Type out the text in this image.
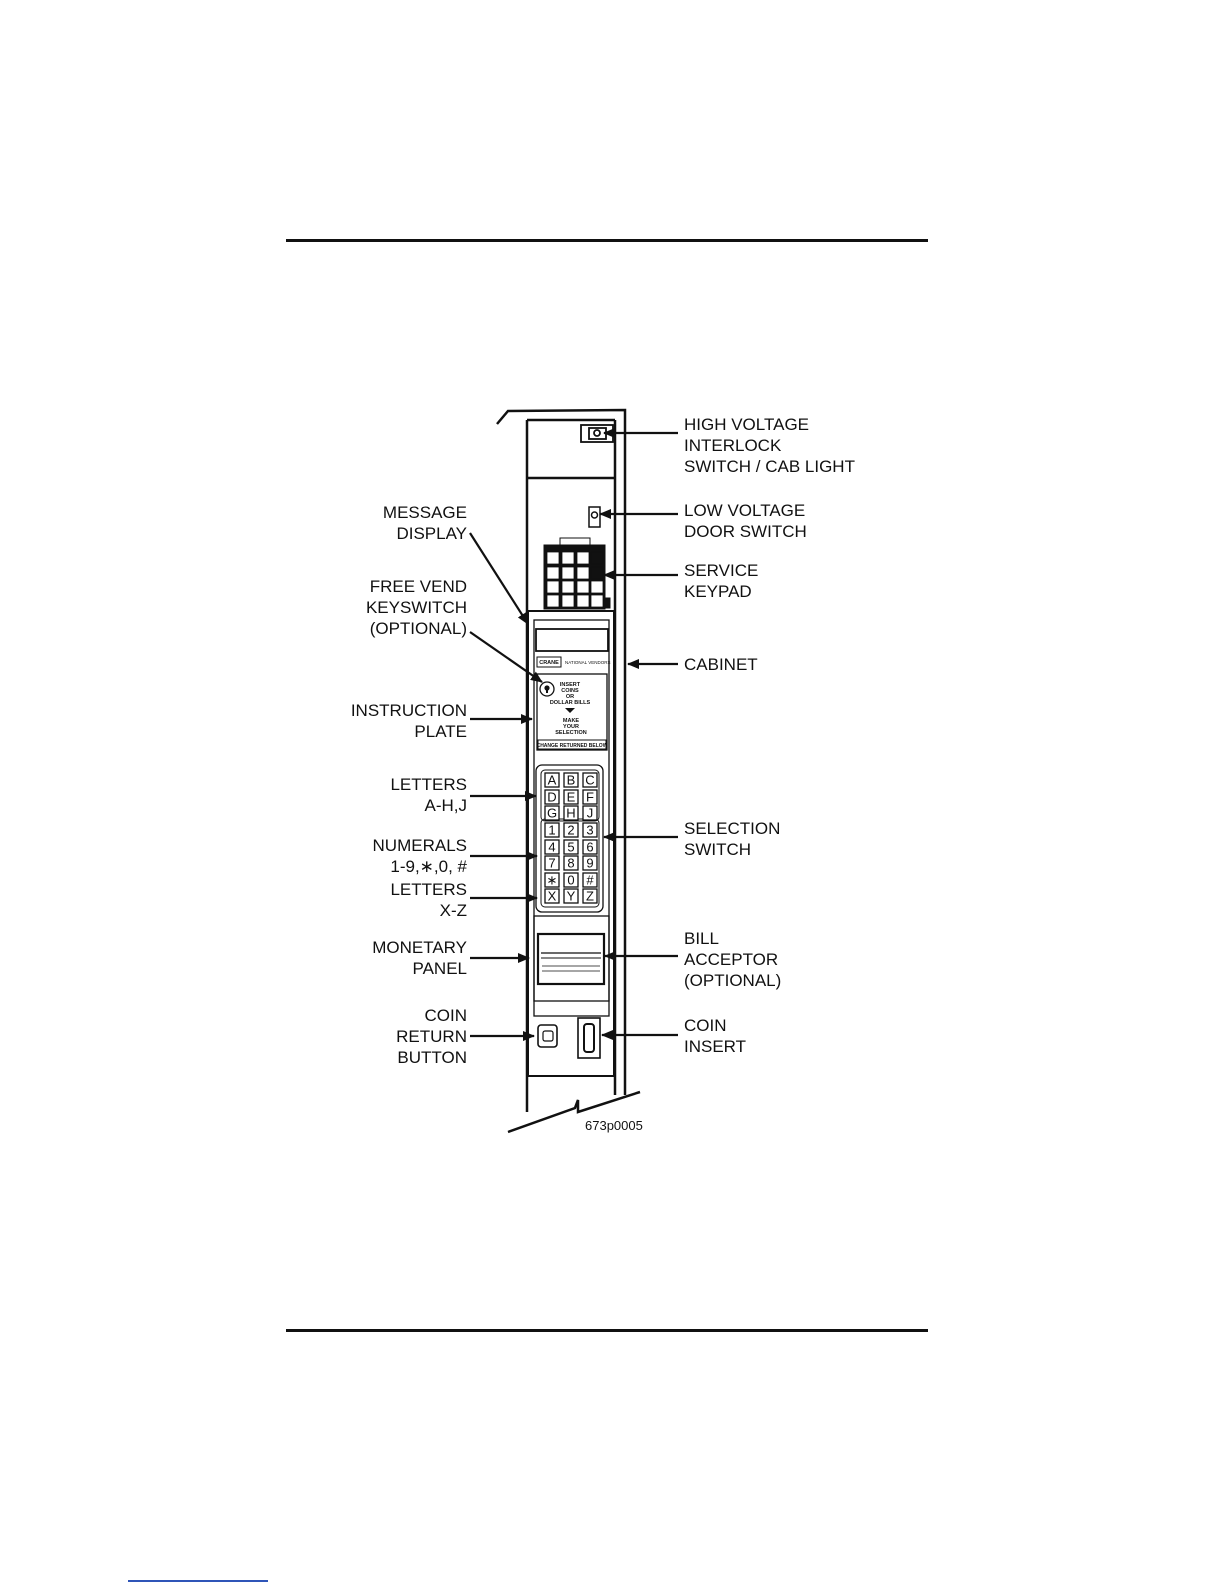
CRANE NATIONAL VENDORS
INSERT
COINS
OR
DOLLAR BILLS
MAKE
YOUR
SELECTION
CHANGE RETURNED BELOW
A B C
D E F
G H J
1 2 3
4 5 6
7 8 9
∗ 0 #
X Y Z
MESSAGE
DISPLAY
FREE VEND
KEYSWITCH
(OPTIONAL)
INSTRUCTION
PLATE
LETTERS
A-H,J
NUMERALS
1-9,∗,0, #
LETTERS
X-Z
MONETARY
PANEL
COIN
RETURN
BUTTON
HIGH VOLTAGE
INTERLOCK
SWITCH / CAB LIGHT
LOW VOLTAGE
DOOR SWITCH
SERVICE
KEYPAD
CABINET
SELECTION
SWITCH
BILL
ACCEPTOR
(OPTIONAL)
COIN
INSERT
673p0005
